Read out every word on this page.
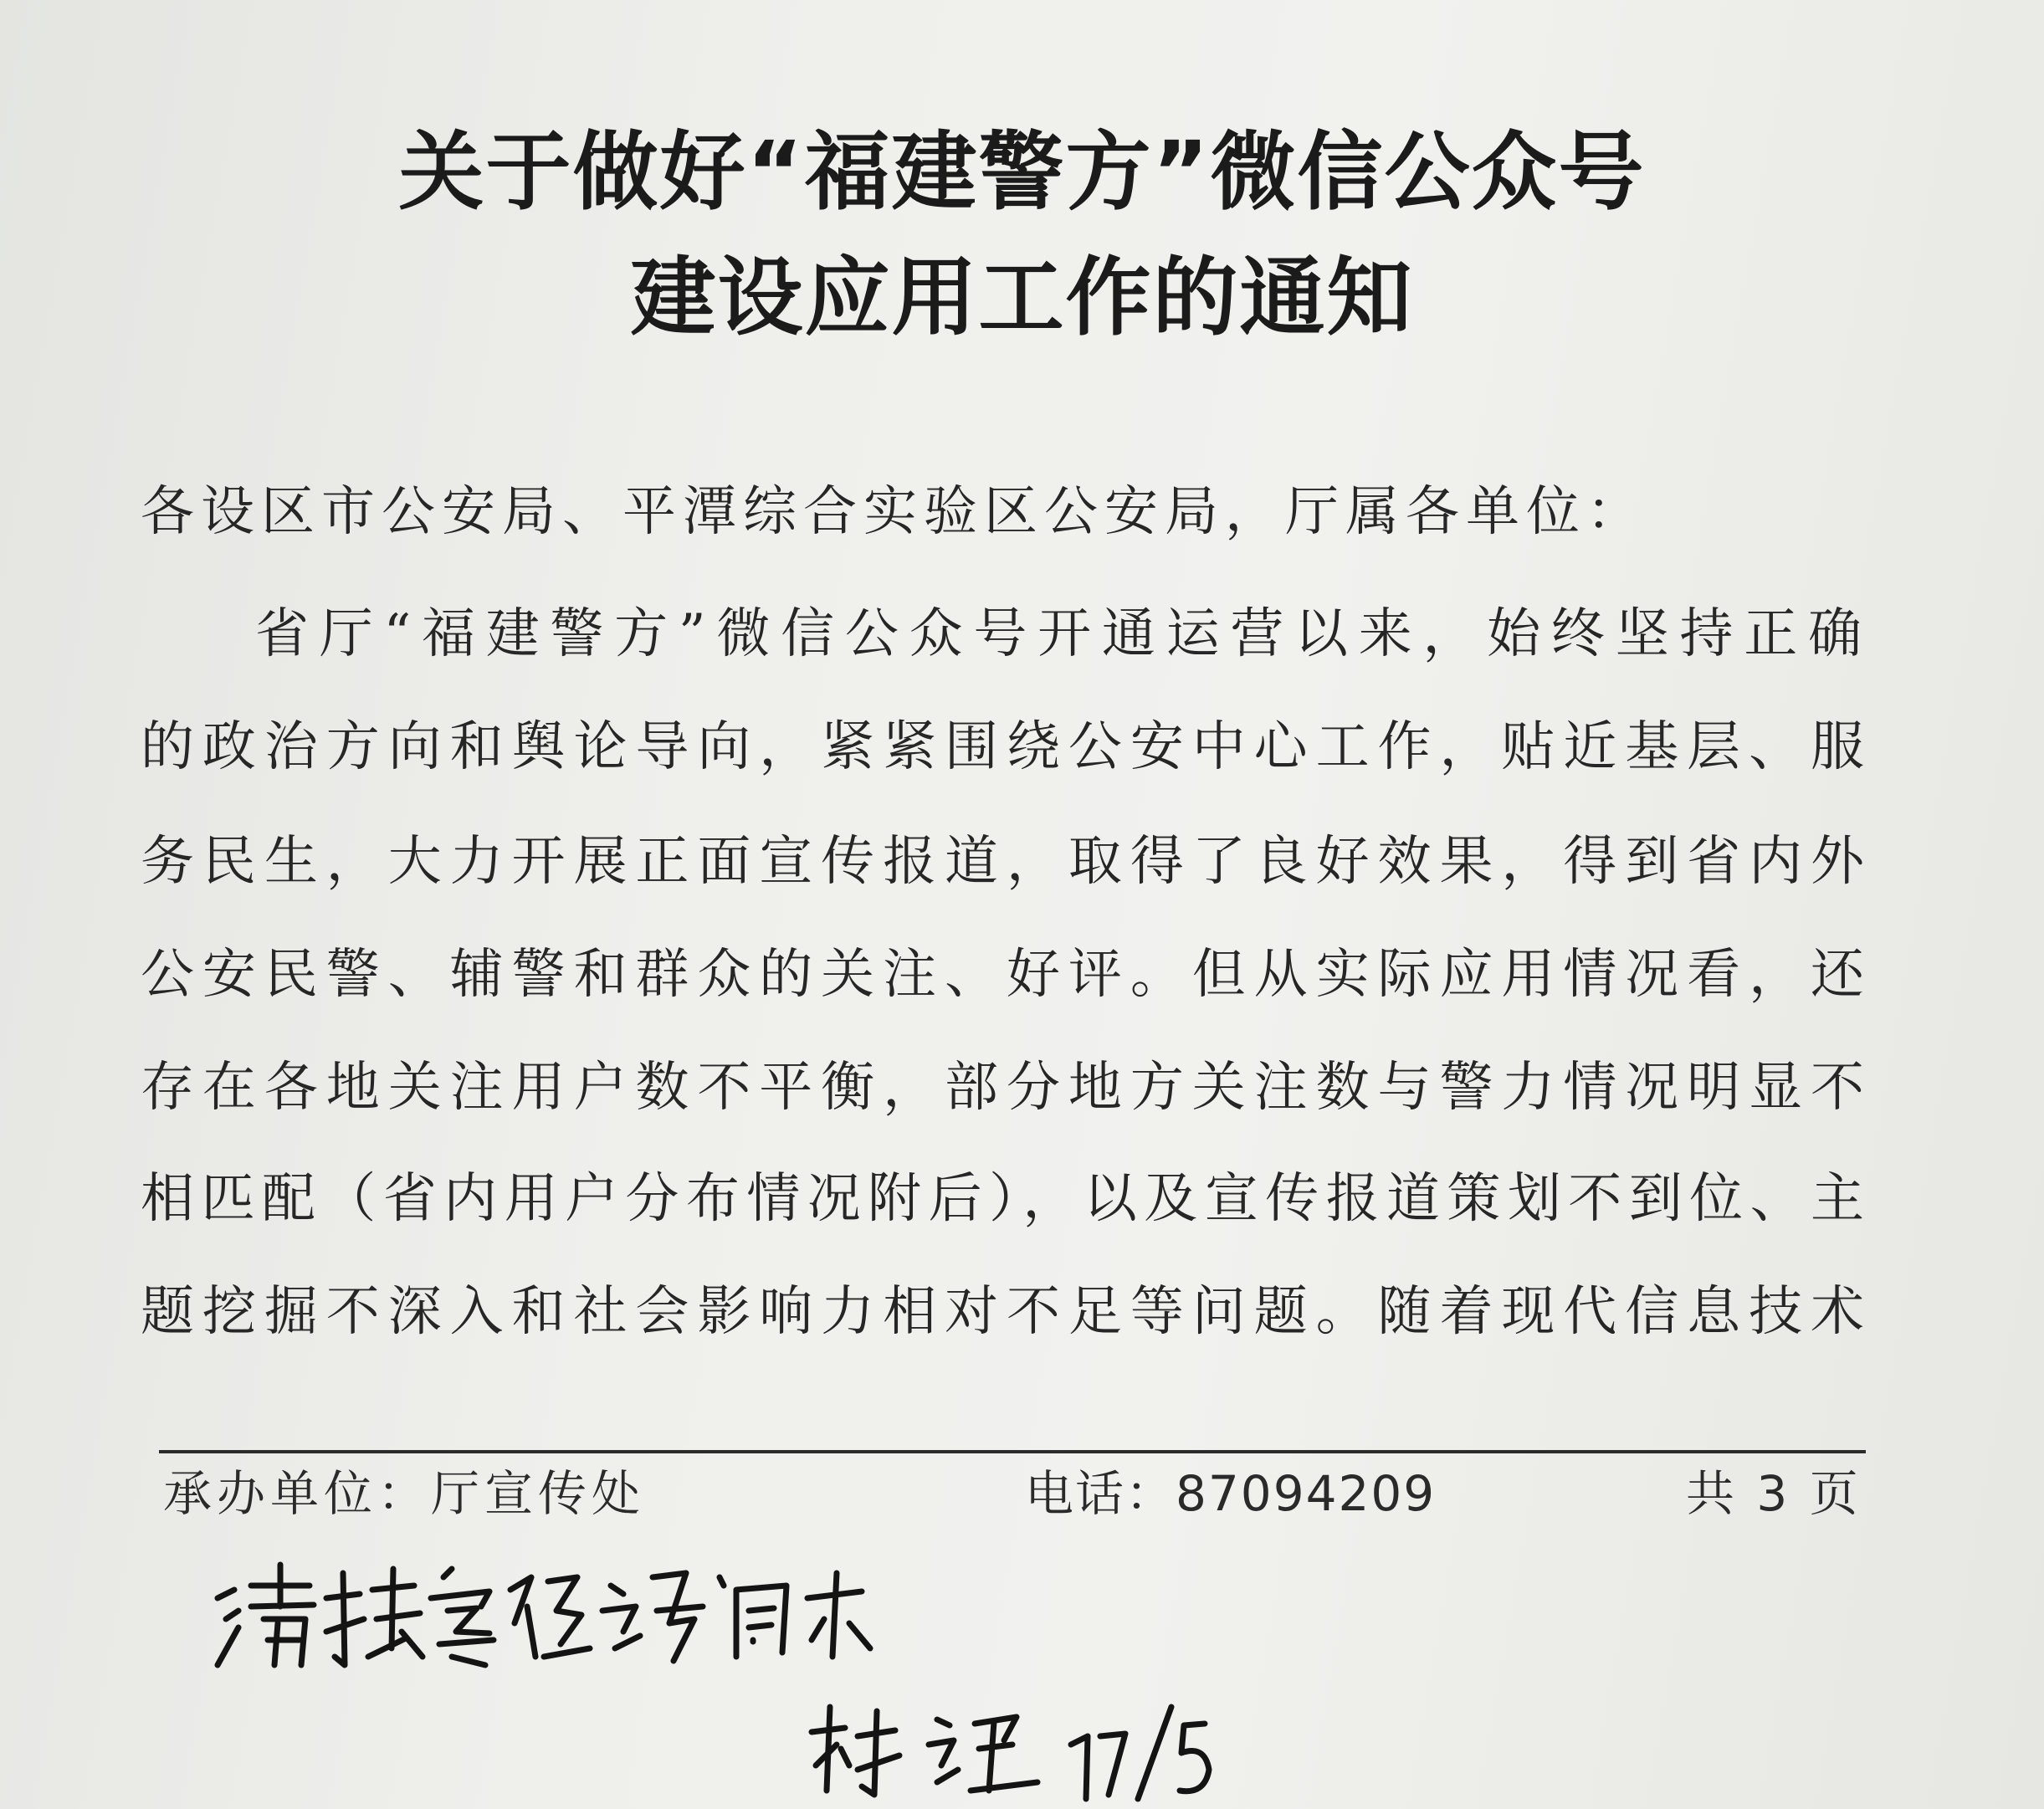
关于做好“福建警方”微信公众号
建设应用工作的通知

各设区市公安局、平潭综合实验区公安局，厅属各单位：

省厅“福建警方”微信公众号开通运营以来，始终坚持正确

的政治方向和舆论导向，紧紧围绕公安中心工作，贴近基层、服

务民生，大力开展正面宣传报道，取得了良好效果，得到省内外

公安民警、辅警和群众的关注、好评。但从实际应用情况看，还

存在各地关注用户数不平衡，部分地方关注数与警力情况明显不

相匹配（省内用户分布情况附后），以及宣传报道策划不到位、主

题挖掘不深入和社会影响力相对不足等问题。随着现代信息技术

承办单位：厅宣传处	电话：87094209	共 3 页
